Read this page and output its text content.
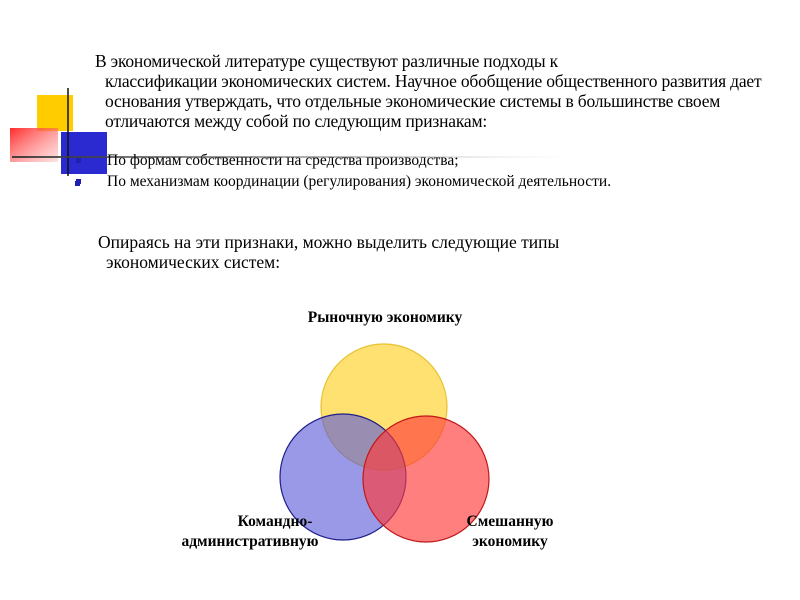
В экономической литературе существуют различные подходы к
классификации экономических систем. Научное обобщение общественного развития дает основания утверждать, что отдельные экономические системы в большинстве своем отличаются между собой по следующим признакам:
По формам собственности на средства производства;
По механизмам координации (регулирования) экономической деятельности.
Опираясь на эти признаки, можно выделить следующие типы
экономических систем:
Рыночную экономику
Командно-
административную
Смешанную
экономику
